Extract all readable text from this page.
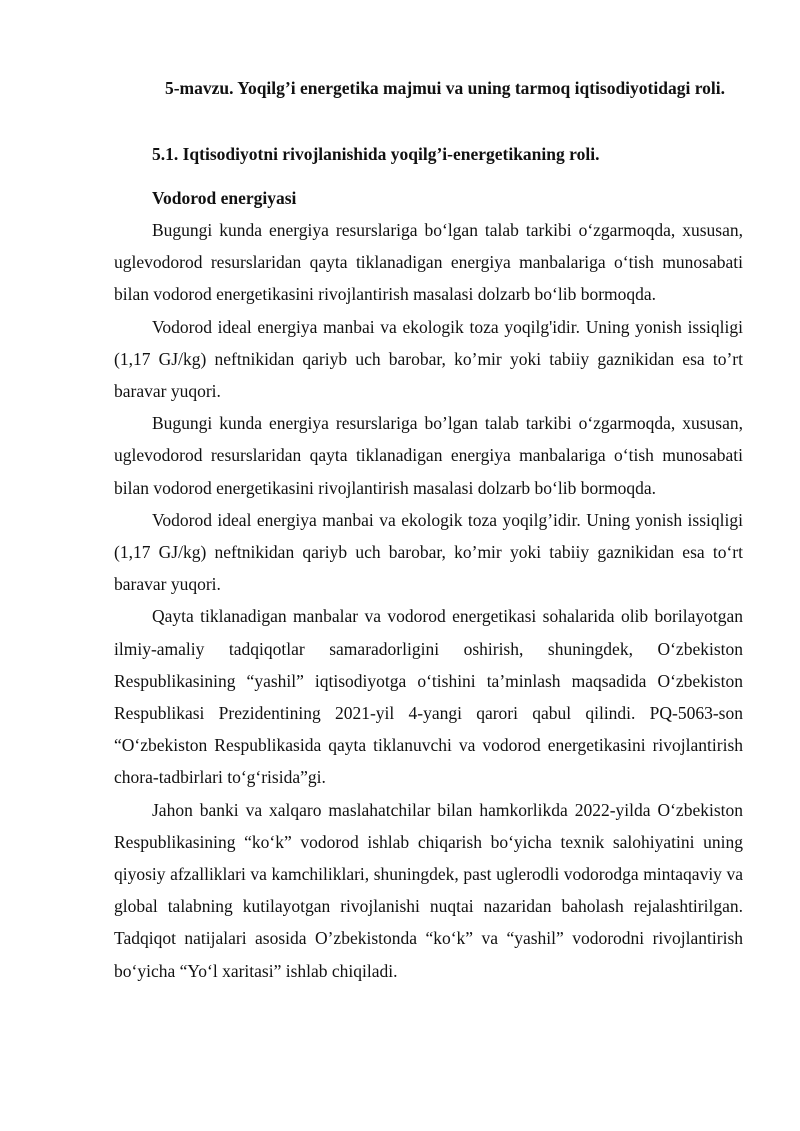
5-mavzu. Yoqilg’i energetika majmui va uning tarmoq iqtisodiyotidagi roli.
5.1. Iqtisodiyotni rivojlanishida yoqilg’i-energetikaning roli.
Vodorod energiyasi

Bugungi kunda energiya resurslariga bo‘lgan talab tarkibi o‘zgarmoqda, xususan, uglevodorod resurslaridan qayta tiklanadigan energiya manbalariga o‘tish munosabati bilan vodorod energetikasini rivojlantirish masalasi dolzarb bo‘lib bormoqda.

Vodorod ideal energiya manbai va ekologik toza yoqilg'idir. Uning yonish issiqligi (1,17 GJ/kg) neftnikidan qariyb uch barobar, ko’mir yoki tabiiy gaznikidan esa to’rt baravar yuqori.

Bugungi kunda energiya resurslariga bo’lgan talab tarkibi o‘zgarmoqda, xususan, uglevodorod resurslaridan qayta tiklanadigan energiya manbalariga o‘tish munosabati bilan vodorod energetikasini rivojlantirish masalasi dolzarb bo‘lib bormoqda.

Vodorod ideal energiya manbai va ekologik toza yoqilg’idir. Uning yonish issiqligi (1,17 GJ/kg) neftnikidan qariyb uch barobar, ko’mir yoki tabiiy gaznikidan esa to‘rt baravar yuqori.

Qayta tiklanadigan manbalar va vodorod energetikasi sohalarida olib borilayotgan ilmiy-amaliy tadqiqotlar samaradorligini oshirish, shuningdek, O‘zbekiston Respublikasining “yashil” iqtisodiyotga o‘tishini ta’minlash maqsadida O‘zbekiston Respublikasi Prezidentining 2021-yil 4-yangi qarori qabul qilindi. PQ-5063-son “O‘zbekiston Respublikasida qayta tiklanuvchi va vodorod energetikasini rivojlantirish chora-tadbirlari to‘g‘risida”gi.

Jahon banki va xalqaro maslahatchilar bilan hamkorlikda 2022-yilda O‘zbekiston Respublikasining “ko‘k” vodorod ishlab chiqarish bo‘yicha texnik salohiyatini uning qiyosiy afzalliklari va kamchiliklari, shuningdek, past uglerodli vodorodga mintaqaviy va global talabning kutilayotgan rivojlanishi nuqtai nazaridan baholash rejalashtirilgan. Tadqiqot natijalari asosida O’zbekistonda “ko‘k” va “yashil” vodorodni rivojlantirish bo‘yicha “Yo‘l xaritasi” ishlab chiqiladi.
